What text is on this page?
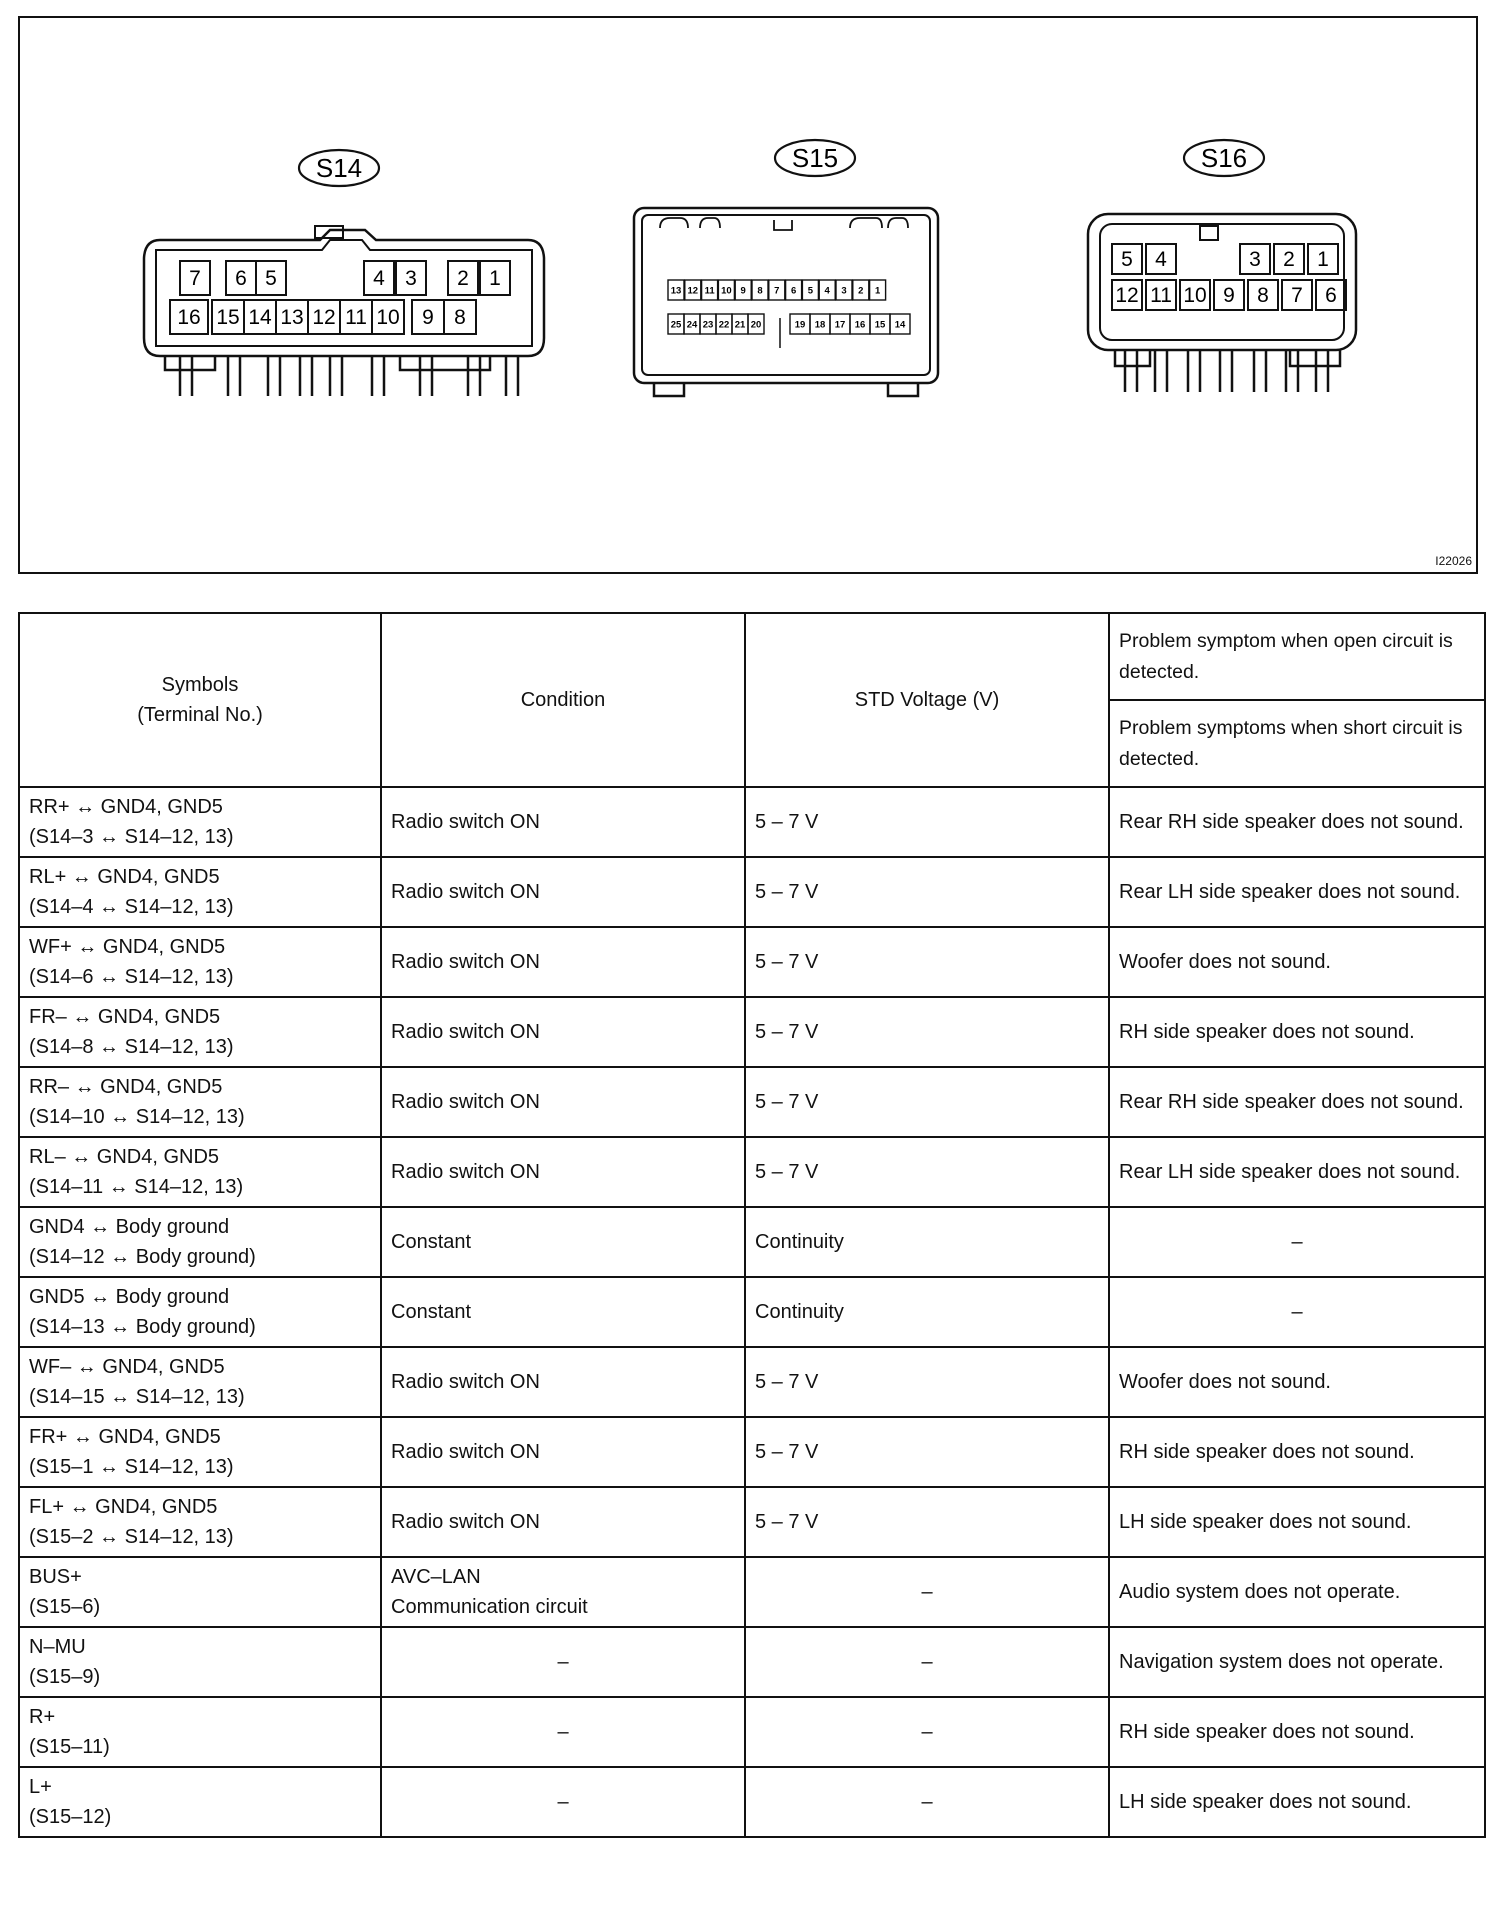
S14	S15	S16
7 6 5	4 3 2 1
16 15 14 13 12 11 10 9 8
13 12 11 10 9 8 7 6 5 4 3 2 1
25 24 23 22 21 20	19 18 17 16 15 14
5 4	3 2 1
12 11 10 9 8 7 6
I22026
Symbols
(Terminal No.)	Condition	STD Voltage (V)	Problem symptom when open circuit is detected.
			Problem symptoms when short circuit is detected.
RR+ ↔ GND4, GND5
(S14–3 ↔ S14–12, 13)	Radio switch ON	5 – 7 V	Rear RH side speaker does not sound.
RL+ ↔ GND4, GND5
(S14–4 ↔ S14–12, 13)	Radio switch ON	5 – 7 V	Rear LH side speaker does not sound.
WF+ ↔ GND4, GND5
(S14–6 ↔ S14–12, 13)	Radio switch ON	5 – 7 V	Woofer does not sound.
FR– ↔ GND4, GND5
(S14–8 ↔ S14–12, 13)	Radio switch ON	5 – 7 V	RH side speaker does not sound.
RR– ↔ GND4, GND5
(S14–10 ↔ S14–12, 13)	Radio switch ON	5 – 7 V	Rear RH side speaker does not sound.
RL– ↔ GND4, GND5
(S14–11 ↔ S14–12, 13)	Radio switch ON	5 – 7 V	Rear LH side speaker does not sound.
GND4 ↔ Body ground
(S14–12 ↔ Body ground)	Constant	Continuity	–
GND5 ↔ Body ground
(S14–13 ↔ Body ground)	Constant	Continuity	–
WF– ↔ GND4, GND5
(S14–15 ↔ S14–12, 13)	Radio switch ON	5 – 7 V	Woofer does not sound.
FR+ ↔ GND4, GND5
(S15–1 ↔ S14–12, 13)	Radio switch ON	5 – 7 V	RH side speaker does not sound.
FL+ ↔ GND4, GND5
(S15–2 ↔ S14–12, 13)	Radio switch ON	5 – 7 V	LH side speaker does not sound.
BUS+
(S15–6)	AVC–LAN
Communication circuit	–	Audio system does not operate.
N–MU
(S15–9)	–	–	Navigation system does not operate.
R+
(S15–11)	–	–	RH side speaker does not sound.
L+
(S15–12)	–	–	LH side speaker does not sound.
